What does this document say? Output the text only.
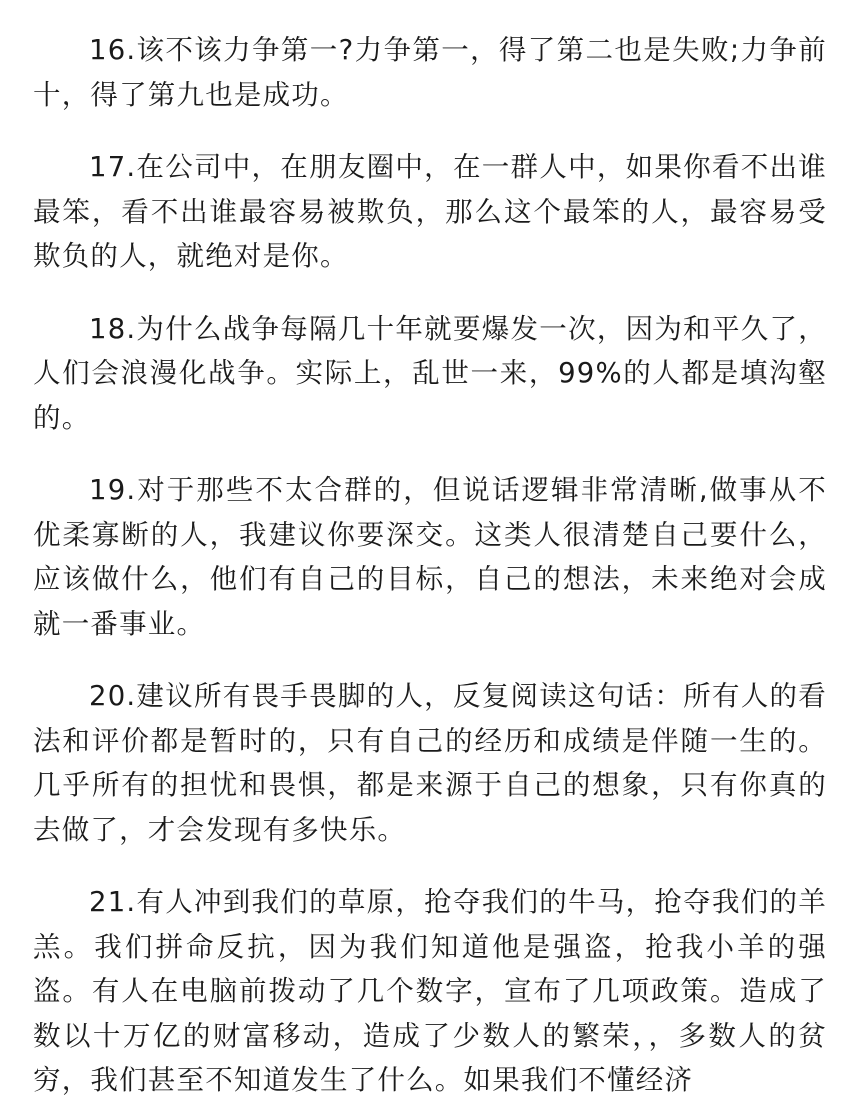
16.该不该力争第一?力争第一，得了第二也是失败;力争前十，得了第九也是成功。

17.在公司中，在朋友圈中，在一群人中，如果你看不出谁最笨，看不出谁最容易被欺负，那么这个最笨的人，最容易受欺负的人，就绝对是你。

18.为什么战争每隔几十年就要爆发一次，因为和平久了，人们会浪漫化战争。实际上，乱世一来，99%的人都是填沟壑的。

19.对于那些不太合群的，但说话逻辑非常清晰,做事从不优柔寡断的人，我建议你要深交。这类人很清楚自己要什么，应该做什么，他们有自己的目标，自己的想法，未来绝对会成就一番事业。

20.建议所有畏手畏脚的人，反复阅读这句话：所有人的看法和评价都是暂时的，只有自己的经历和成绩是伴随一生的。几乎所有的担忧和畏惧，都是来源于自己的想象，只有你真的去做了，才会发现有多快乐。

21.有人冲到我们的草原，抢夺我们的牛马，抢夺我们的羊羔。我们拼命反抗，因为我们知道他是强盗，抢我小羊的强盗。有人在电脑前拨动了几个数字，宣布了几项政策。造成了数以十万亿的财富移动，造成了少数人的繁荣，，多数人的贫穷，我们甚至不知道发生了什么。如果我们不懂经济
